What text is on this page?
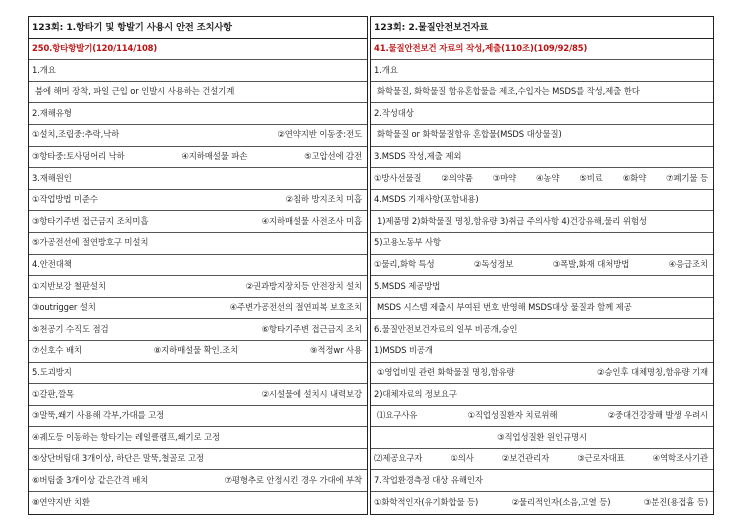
123회: 1.항타기 및 항발기 사용시 안전 조치사항
250.항타항발기(120/114/108)
1.개요
붐에 해머 장착, 파일 근입 or 인발시 사용하는 건설기계
2.재해유형
①설치,조립중:추락,낙하	②연약지반 이동중:전도
③항타중:토사덩어리 낙하	④지하매설물 파손	⑤고압선에 감전
3.재해원인
①작업방법 미준수	②침하 방지조치 미흡
③항타기주변 접근금지 조치미흡	④지하매설물 사전조사 미흡
⑤가공전선에 절연방호구 미설치
4.안전대책
①지반보강 철판설치	②권과방지장치등 안전장치 설치
③outrigger 설치	④주변가공전선의 절연피복 보호조치
⑤천공기 수직도 점검	⑥항타기주변 접근금지 조치
⑦신호수 배치	⑧지하매설물 확인.조치	⑨적정wr 사용
5.도괴방지
①갈판,깔목	②시설물에 설치시 내력보강
③말뚝,쐐기 사용해 각부,가대를 고정
④궤도등 이동하는 항타기는 레일클램프,쐐기로 고정
⑤상단버팀대 3개이상, 하단은 말뚝,철골로 고정
⑥버팀줄 3개이상 같은간격 배치	⑦평형추로 안정시킨 경우 가대에 부착
⑧연약지반 치환
123회: 2.물질안전보건자료
41.물질안전보건 자료의 작성,제출(110조)(109/92/85)
1.개요
화학물질, 화학물질 함유혼합물을 제조,수입자는 MSDS를 작성,제출 한다
2.작성대상
화학물질 or 화학물질함유 혼합물(MSDS 대상물질)
3.MSDS 작성,제출 제외
①방사선물질 ②의약품 ③마약 ④농약 ⑤비료 ⑥화약 ⑦폐기물 등
4.MSDS 기재사항(포함내용)
1)제품명 2)화학물질 명칭,함유량 3)취급 주의사항 4)건강유해,물리 위험성
5)고용노동부 사항
①물리,화학 특성	②독성정보	③폭발,화재 대처방법	④응급조치
5.MSDS 제공방법
MSDS 시스템 제출시 부여된 번호 반영해 MSDS대상 물질과 함께 제공
6.물질안전보건자료의 일부 비공개,승인
1)MSDS 비공개
①영업비밀 관련 화학물질 명칭,함유량	②승인후 대체명칭,함유량 기재
2)대체자료의 정보요구
⑴요구사유	①직업성질환자 치료위해	②중대건강장해 발생 우려시
③직업성질환 원인규명시
⑵제공요구자	①의사	②보건관리자	③근로자대표	④역학조사기관
7.작업환경측정 대상 유해인자
①화학적인자(유기화합물 등)	②물리적인자(소음,고열 등)	③분진(용접흄 등)
